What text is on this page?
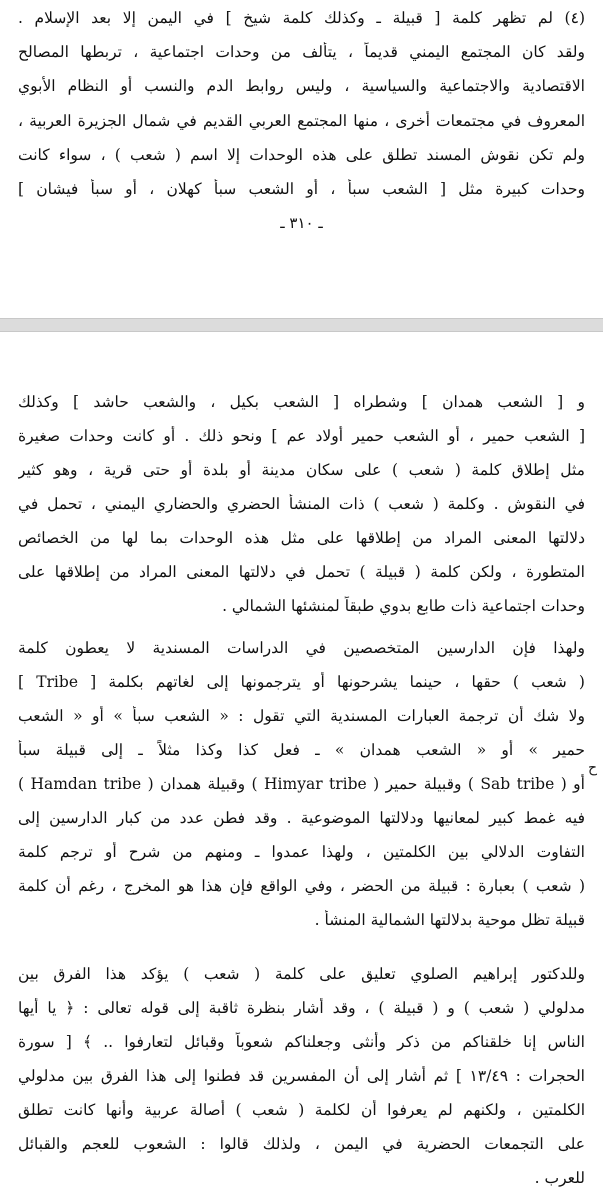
(٤) لم تظهر كلمة [ قبيلة ـ وكذلك كلمة شيخ ] في اليمن إلا بعد الإسلام .
ولقد كان المجتمع اليمني قديماً ، يتألف من وحدات اجتماعية ، تربطها المصالح
الاقتصادية والاجتماعية والسياسية ، وليس روابط الدم والنسب أو النظام الأبوي
المعروف في مجتمعات أخرى ، منها المجتمع العربي القديم في شمال الجزيرة العربية ،
ولم تكن نقوش المسند تطلق على هذه الوحدات إلا اسم ( شعب ) ، سواء كانت
وحدات كبيرة مثل [ الشعب سبأ ، أو الشعب سبأ كهلان ، أو سبأ فيشان ]
ـ ٣١٠ ـ
و [ الشعب همدان ] وشطراه [ الشعب بكيل ، والشعب حاشد ] وكذلك
[ الشعب حمير ، أو الشعب حمير أولاد عم ] ونحو ذلك . أو كانت وحدات صغيرة
مثل إطلاق كلمة ( شعب ) على سكان مدينة أو بلدة أو حتى قرية ، وهو كثير
في النقوش . وكلمة ( شعب ) ذات المنشأ الحضري والحضاري اليمني ، تحمل في
دلالتها المعنى المراد من إطلاقها على مثل هذه الوحدات بما لها من الخصائص
المتطورة ، ولكن كلمة ( قبيلة ) تحمل في دلالتها المعنى المراد من إطلاقها على
وحدات اجتماعية ذات طابع بدوي طبقاً لمنشئها الشمالي .
ولهذا فإن الدارسين المتخصصين في الدراسات المسندية لا يعطون كلمة
( شعب ) حقها ، حينما يشرحونها أو يترجمونها إلى لغاتهم بكلمة [ Tribe ]
ولا شك أن ترجمة العبارات المسندية التي تقول : « الشعب سبأ » أو « الشعب
حمير » أو « الشعب همدان » ـ فعل كذا وكذا مثلاً ـ إلى قبيلة سبأ
أو ( Sab tribe ) وقبيلة حمير ( Himyar tribe ) وقبيلة همدان ( Hamdan tribe )
فيه غمط كبير لمعانيها ودلالتها الموضوعية . وقد فطن عدد من كبار الدارسين إلى
التفاوت الدلالي بين الكلمتين ، ولهذا عمدوا ـ ومنهم من شرح أو ترجم كلمة
( شعب ) بعبارة : قبيلة من الحضر ، وفي الواقع فإن هذا هو المخرج ، رغم أن كلمة
قبيلة تظل موحية بدلالتها الشمالية المنشأ .
ح
وللدكتور إبراهيم الصلوي تعليق على كلمة ( شعب ) يؤكد هذا الفرق بين
مدلولي ( شعب ) و ( قبيلة ) ، وقد أشار بنظرة ثاقبة إلى قوله تعالى : ﴿ يا أيها
الناس إنا خلقناكم من ذكر وأنثى وجعلناكم شعوباً وقبائل لتعارفوا .. ﴾ [ سورة
الحجرات : ١٣/٤٩ ] ثم أشار إلى أن المفسرين قد فطنوا إلى هذا الفرق بين مدلولي
الكلمتين ، ولكنهم لم يعرفوا أن لكلمة ( شعب ) أصالة عربية وأنها كانت تطلق
على التجمعات الحضرية في اليمن ، ولذلك قالوا : الشعوب للعجم والقبائل
للعرب .
